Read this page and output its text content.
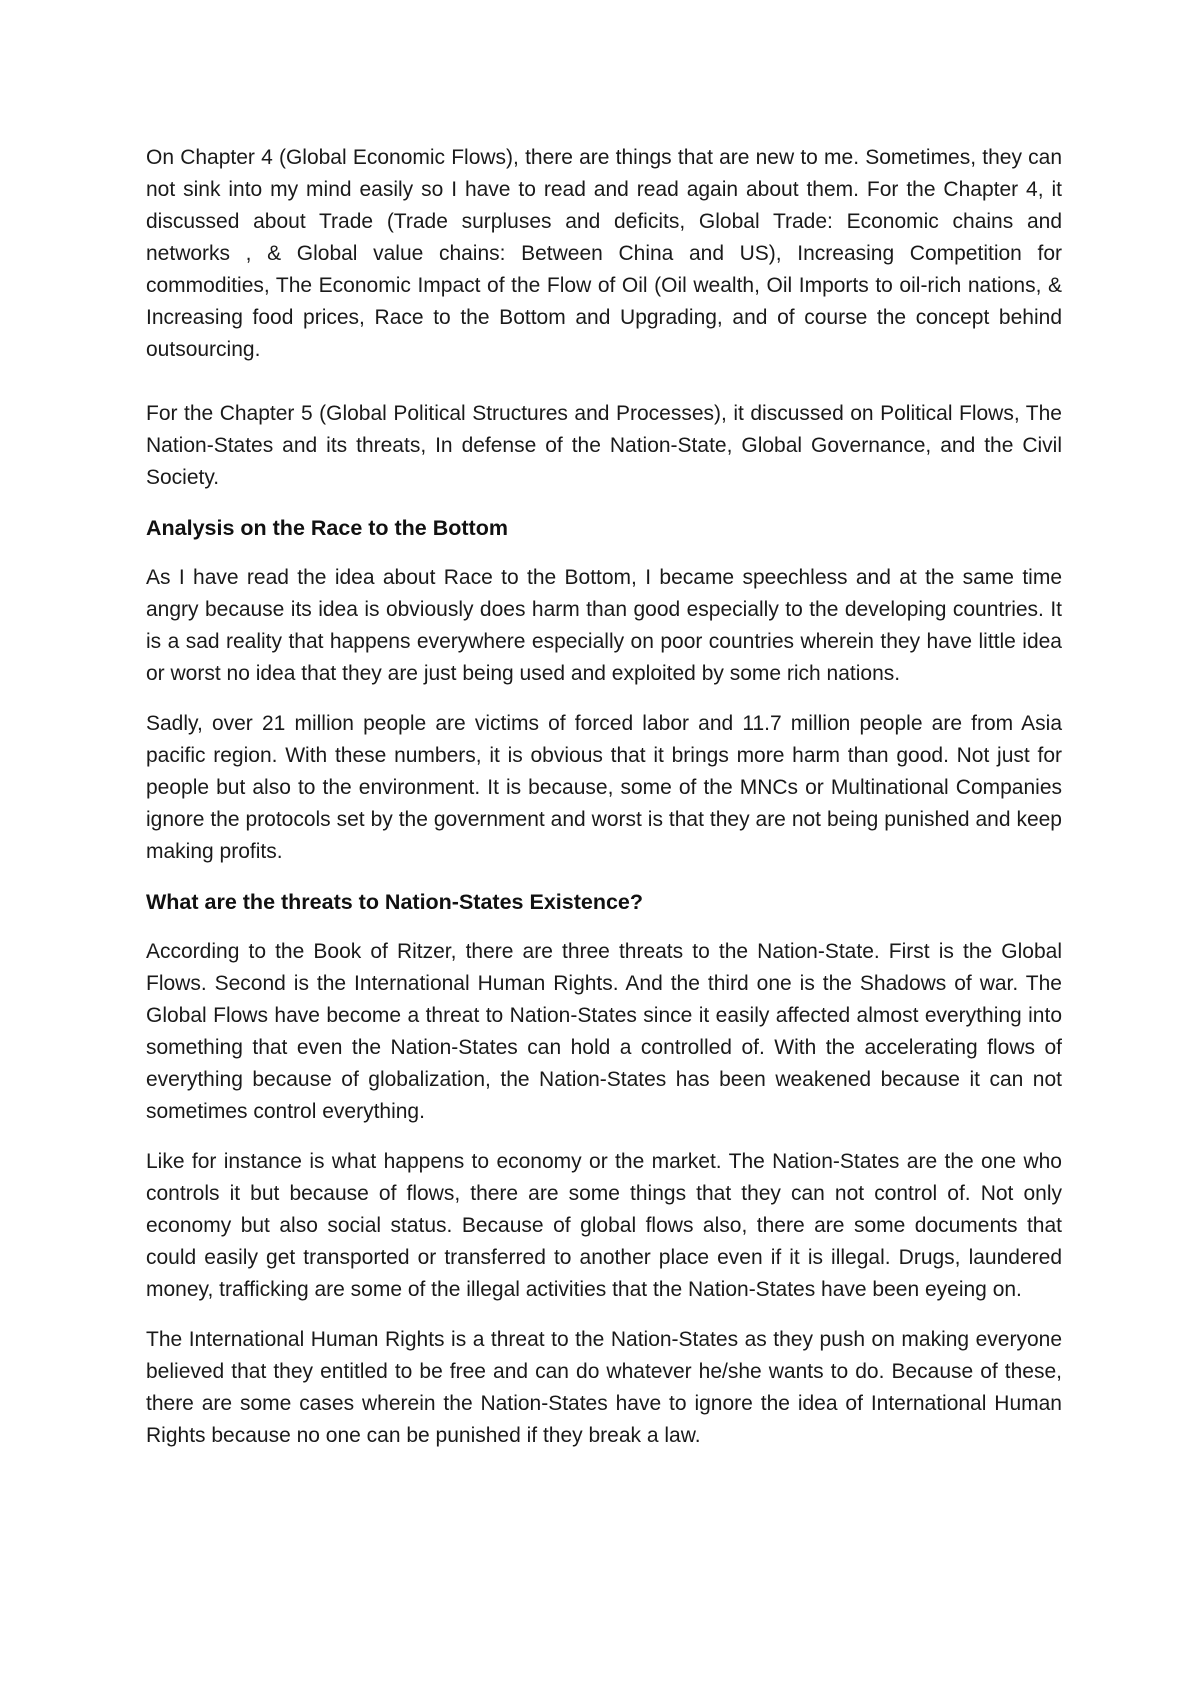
On Chapter 4 (Global Economic Flows), there are things that are new to me. Sometimes, they can not sink into my mind easily so I have to read and read again about them. For the Chapter 4, it discussed about Trade (Trade surpluses and deficits, Global Trade: Economic chains and networks , & Global value chains: Between China and US), Increasing Competition for commodities, The Economic Impact of the Flow of Oil (Oil wealth, Oil Imports to oil-rich nations, & Increasing food prices, Race to the Bottom and Upgrading, and of course the concept behind outsourcing.

For the Chapter 5 (Global Political Structures and Processes), it discussed on Political Flows, The Nation-States and its threats, In defense of the Nation-State, Global Governance, and the Civil Society.

Analysis on the Race to the Bottom

As I have read the idea about Race to the Bottom, I became speechless and at the same time angry because its idea is obviously does harm than good especially to the developing countries. It is a sad reality that happens everywhere especially on poor countries wherein they have little idea or worst no idea that they are just being used and exploited by some rich nations.

Sadly, over 21 million people are victims of forced labor and 11.7 million people are from Asia pacific region. With these numbers, it is obvious that it brings more harm than good. Not just for people but also to the environment. It is because, some of the MNCs or Multinational Companies ignore the protocols set by the government and worst is that they are not being punished and keep making profits.

What are the threats to Nation-States Existence?

According to the Book of Ritzer, there are three threats to the Nation-State. First is the Global Flows. Second is the International Human Rights. And the third one is the Shadows of war. The Global Flows have become a threat to Nation-States since it easily affected almost everything into something that even the Nation-States can hold a controlled of. With the accelerating flows of everything because of globalization, the Nation-States has been weakened because it can not sometimes control everything.

Like for instance is what happens to economy or the market. The Nation-States are the one who controls it but because of flows, there are some things that they can not control of. Not only economy but also social status. Because of global flows also, there are some documents that could easily get transported or transferred to another place even if it is illegal. Drugs, laundered money, trafficking are some of the illegal activities that the Nation-States have been eyeing on.

The International Human Rights is a threat to the Nation-States as they push on making everyone believed that they entitled to be free and can do whatever he/she wants to do. Because of these, there are some cases wherein the Nation-States have to ignore the idea of International Human Rights because no one can be punished if they break a law.
